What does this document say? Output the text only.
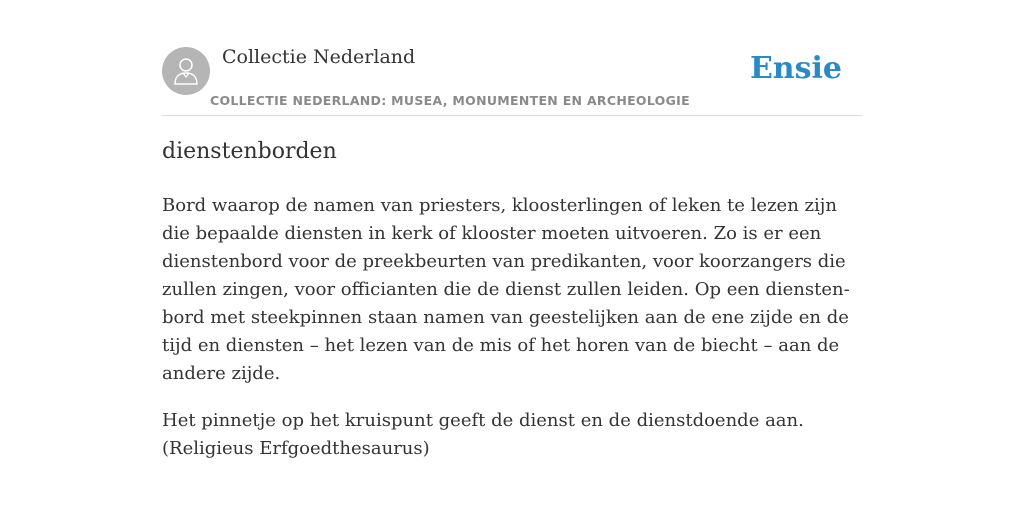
Collectie Nederland
COLLECTIE NEDERLAND: MUSEA, MONUMENTEN EN ARCHEOLOGIE
Ensie
dienstenborden

Bord waarop de namen van priesters, kloosterlingen of leken te lezen zijn die bepaalde diensten in kerk of klooster moeten uitvoeren. Zo is er een dienstenbord voor de preekbeurten van predikanten, voor koorzangers die zullen zingen, voor officianten die de dienst zullen leiden. Op een diensten-bord met steekpinnen staan namen van geestelijken aan de ene zijde en de tijd en diensten – het lezen van de mis of het horen van de biecht – aan de andere zijde.

Het pinnetje op het kruispunt geeft de dienst en de dienstdoende aan. (Religieus Erfgoedthesaurus)
